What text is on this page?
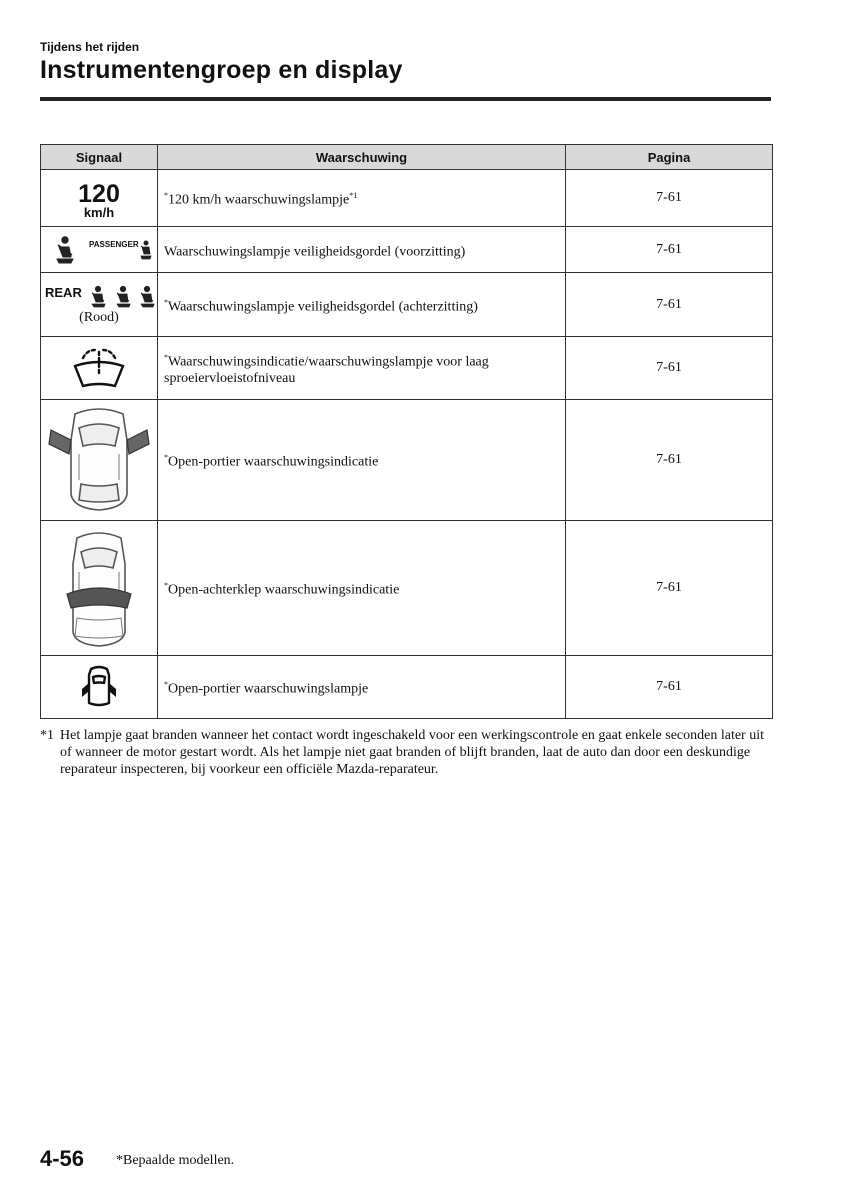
Tijdens het rijden
Instrumentengroep en display
Signaal	Waarschuwing	Pagina

120
km/h	*120 km/h waarschuwingslampje$^{*1}$	7-61

PASSENGER	Waarschuwingslampje veiligheidsgordel (voorzitting)	7-61

REAR
(Rood)	*Waarschuwingslampje veiligheidsgordel (achterzitting)	7-61
	*Waarschuwingsindicatie/waarschuwingslampje voor laag sproeiervloeistofniveau	7-61
	*Open-portier waarschuwingsindicatie	7-61
	*Open-achterklep waarschuwingsindicatie	7-61
	*Open-portier waarschuwingslampje	7-61
*1 Het lampje gaat branden wanneer het contact wordt ingeschakeld voor een werkingscontrole en gaat enkele seconden later uit of wanneer de motor gestart wordt. Als het lampje niet gaat branden of blijft branden, laat de auto dan door een deskundige reparateur inspecteren, bij voorkeur een officiële Mazda-reparateur.
4-56 *Bepaalde modellen.
